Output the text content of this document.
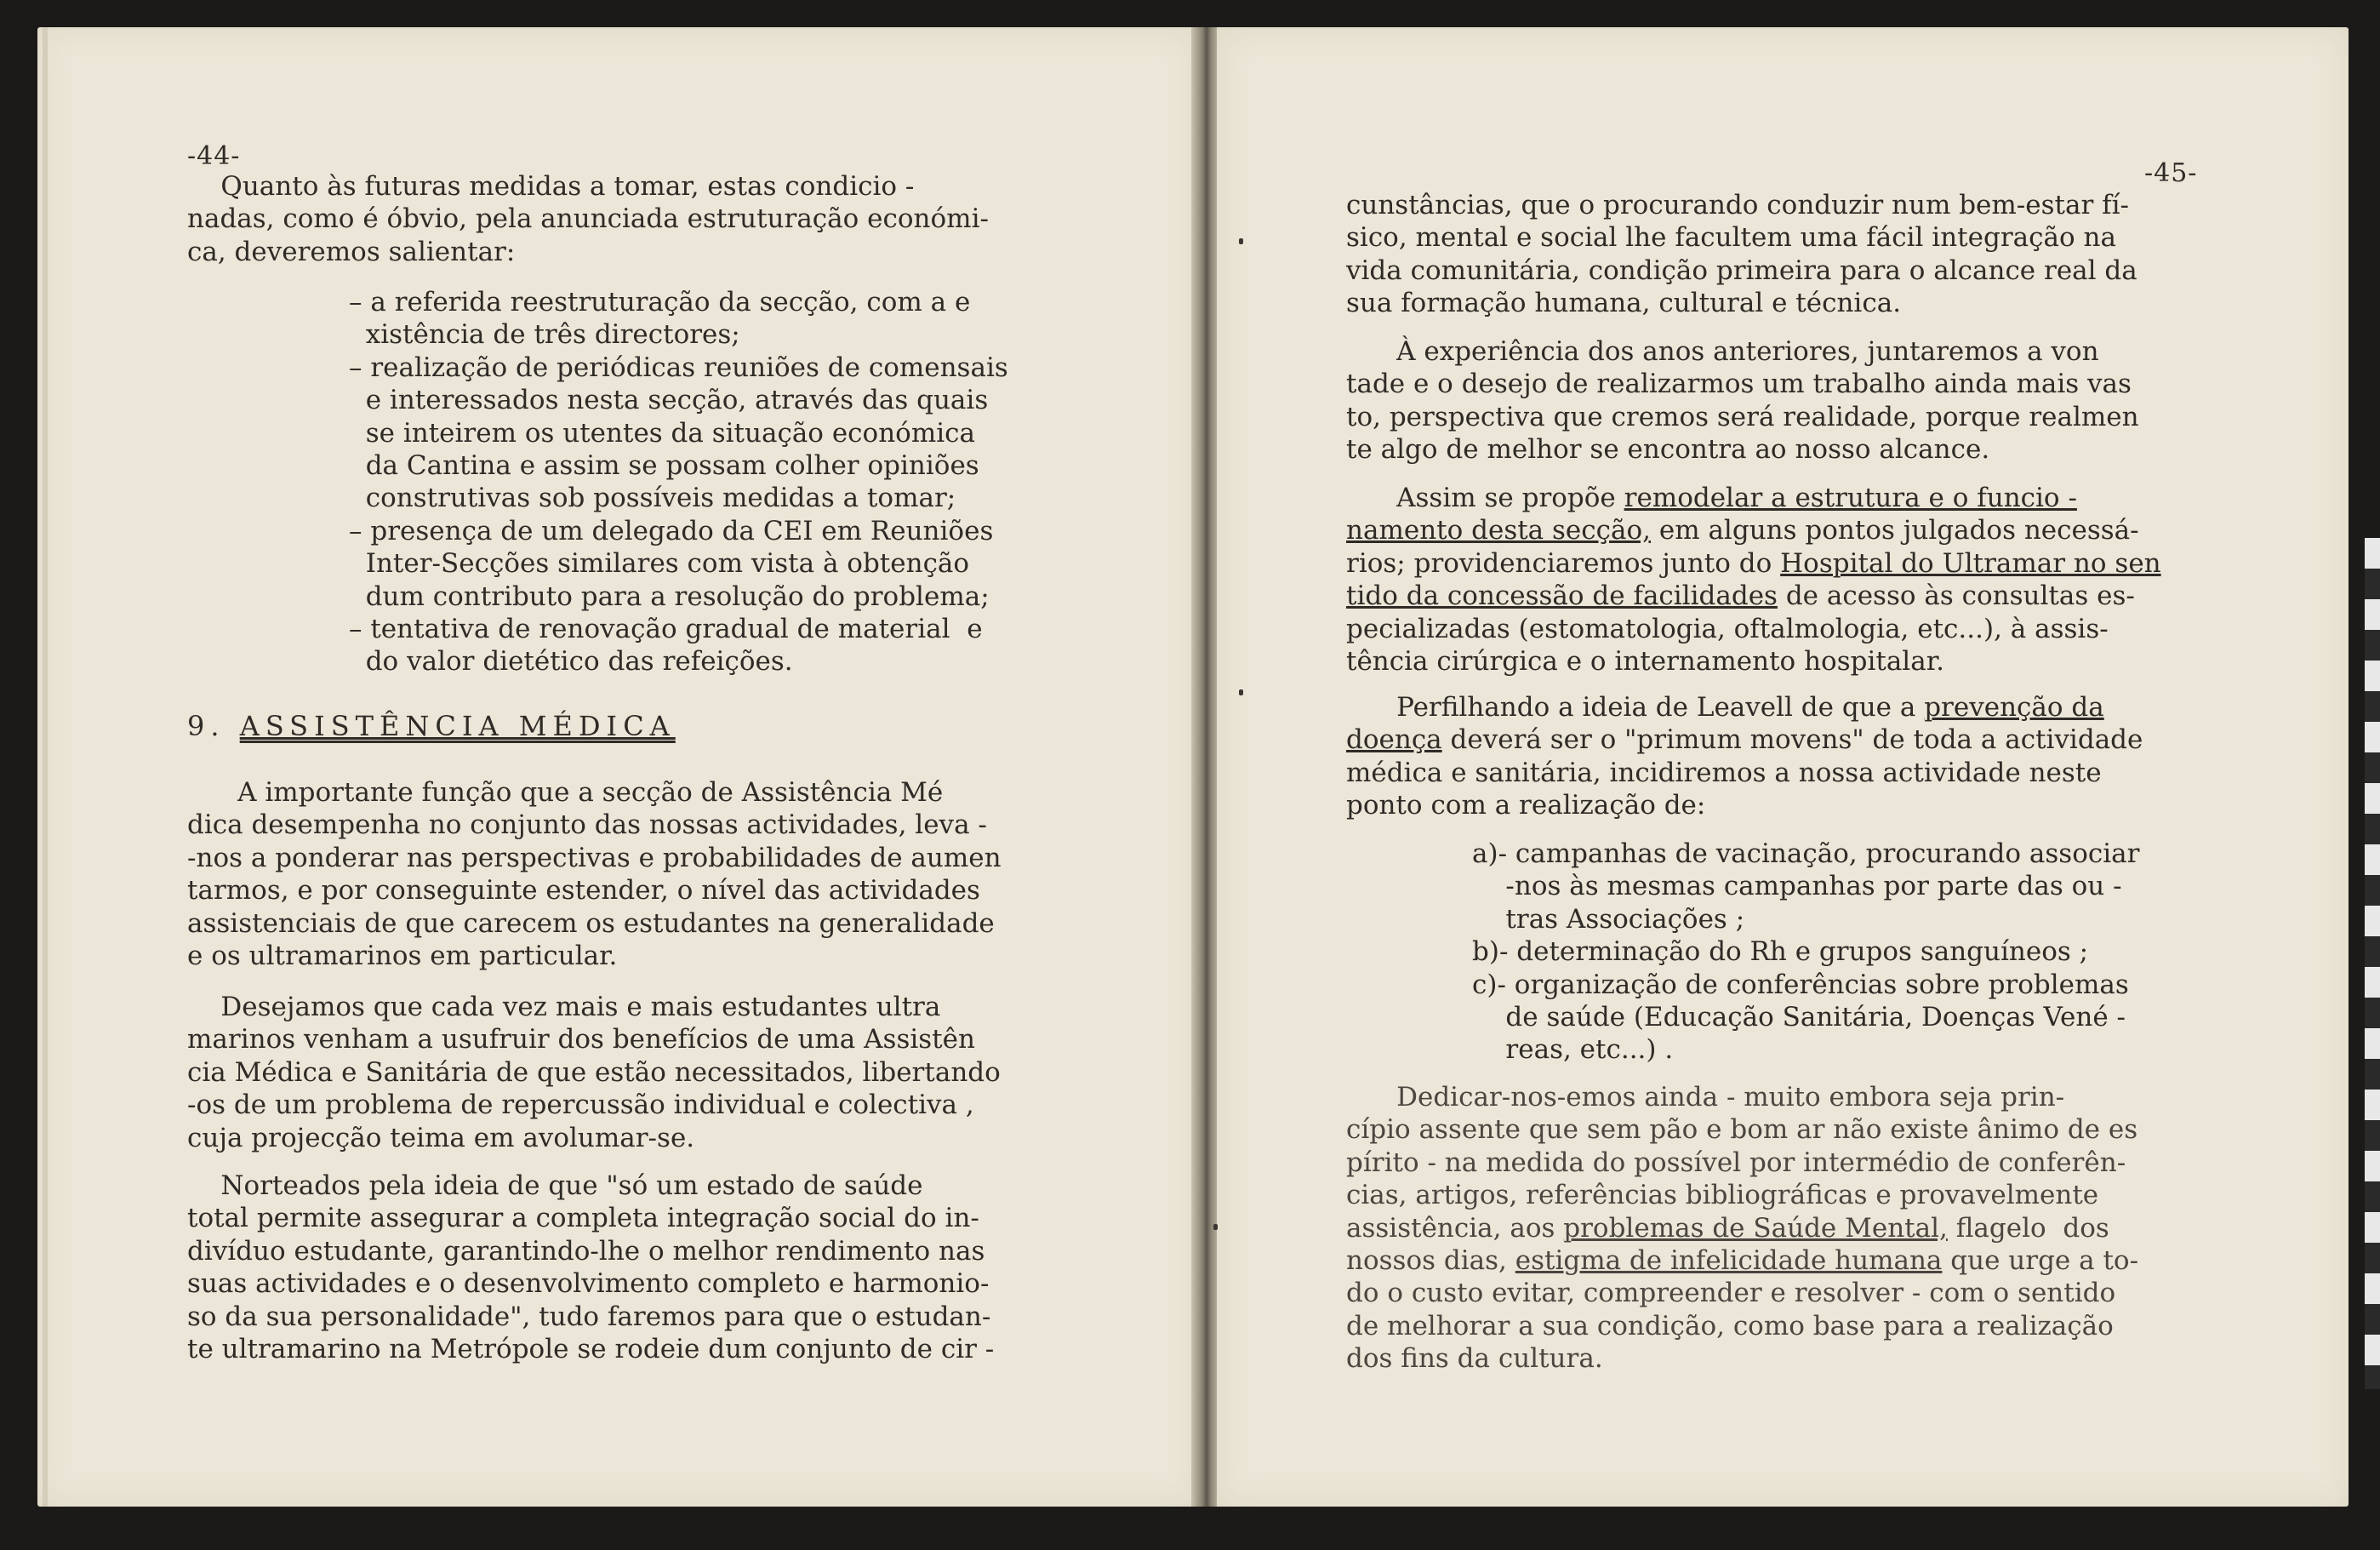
-44-

Quanto às futuras medidas a tomar, estas condicio -
nadas, como é óbvio, pela anunciada estruturação económi-
ca, deveremos salientar:

– a referida reestruturação da secção, com a e
xistência de três directores;
– realização de periódicas reuniões de comensais
e interessados nesta secção, através das quais
se inteirem os utentes da situação económica
da Cantina e assim se possam colher opiniões
construtivas sob possíveis medidas a tomar;
– presença de um delegado da CEI em Reuniões
Inter-Secções similares com vista à obtenção
dum contributo para a resolução do problema;
– tentativa de renovação gradual de material  e
do valor dietético das refeições.

9. ASSISTÊNCIA MÉDICA

A importante função que a secção de Assistência Mé
dica desempenha no conjunto das nossas actividades, leva -
-nos a ponderar nas perspectivas e probabilidades de aumen
tarmos, e por conseguinte estender, o nível das actividades
assistenciais de que carecem os estudantes na generalidade
e os ultramarinos em particular.

Desejamos que cada vez mais e mais estudantes ultra
marinos venham a usufruir dos benefícios de uma Assistên
cia Médica e Sanitária de que estão necessitados, libertando
-os de um problema de repercussão individual e colectiva ,
cuja projecção teima em avolumar-se.

Norteados pela ideia de que "só um estado de saúde
total permite assegurar a completa integração social do in-
divíduo estudante, garantindo-lhe o melhor rendimento nas
suas actividades e o desenvolvimento completo e harmonio-
so da sua personalidade", tudo faremos para que o estudan-
te ultramarino na Metrópole se rodeie dum conjunto de cir -

-45-

cunstâncias, que o procurando conduzir num bem-estar fí-
sico, mental e social lhe facultem uma fácil integração na
vida comunitária, condição primeira para o alcance real da
sua formação humana, cultural e técnica.

À experiência dos anos anteriores, juntaremos a von
tade e o desejo de realizarmos um trabalho ainda mais vas
to, perspectiva que cremos será realidade, porque realmen
te algo de melhor se encontra ao nosso alcance.

Assim se propõe remodelar a estrutura e o funcio -
namento desta secção, em alguns pontos julgados necessá-
rios; providenciaremos junto do Hospital do Ultramar no sen
tido da concessão de facilidades de acesso às consultas es-
pecializadas (estomatologia, oftalmologia, etc...), à assis-
tência cirúrgica e o internamento hospitalar.

Perfilhando a ideia de Leavell de que a prevenção da
doença deverá ser o "primum movens" de toda a actividade
médica e sanitária, incidiremos a nossa actividade neste
ponto com a realização de:

a)- campanhas de vacinação, procurando associar
-nos às mesmas campanhas por parte das ou -
tras Associações ;
b)- determinação do Rh e grupos sanguíneos ;
c)- organização de conferências sobre problemas
de saúde (Educação Sanitária, Doenças Vené -
reas, etc...) .

Dedicar-nos-emos ainda - muito embora seja prin-
cípio assente que sem pão e bom ar não existe ânimo de es
pírito - na medida do possível por intermédio de conferên-
cias, artigos, referências bibliográficas e provavelmente
assistência, aos problemas de Saúde Mental, flagelo  dos
nossos dias, estigma de infelicidade humana que urge a to-
do o custo evitar, compreender e resolver - com o sentido
de melhorar a sua condição, como base para a realização
dos fins da cultura.
